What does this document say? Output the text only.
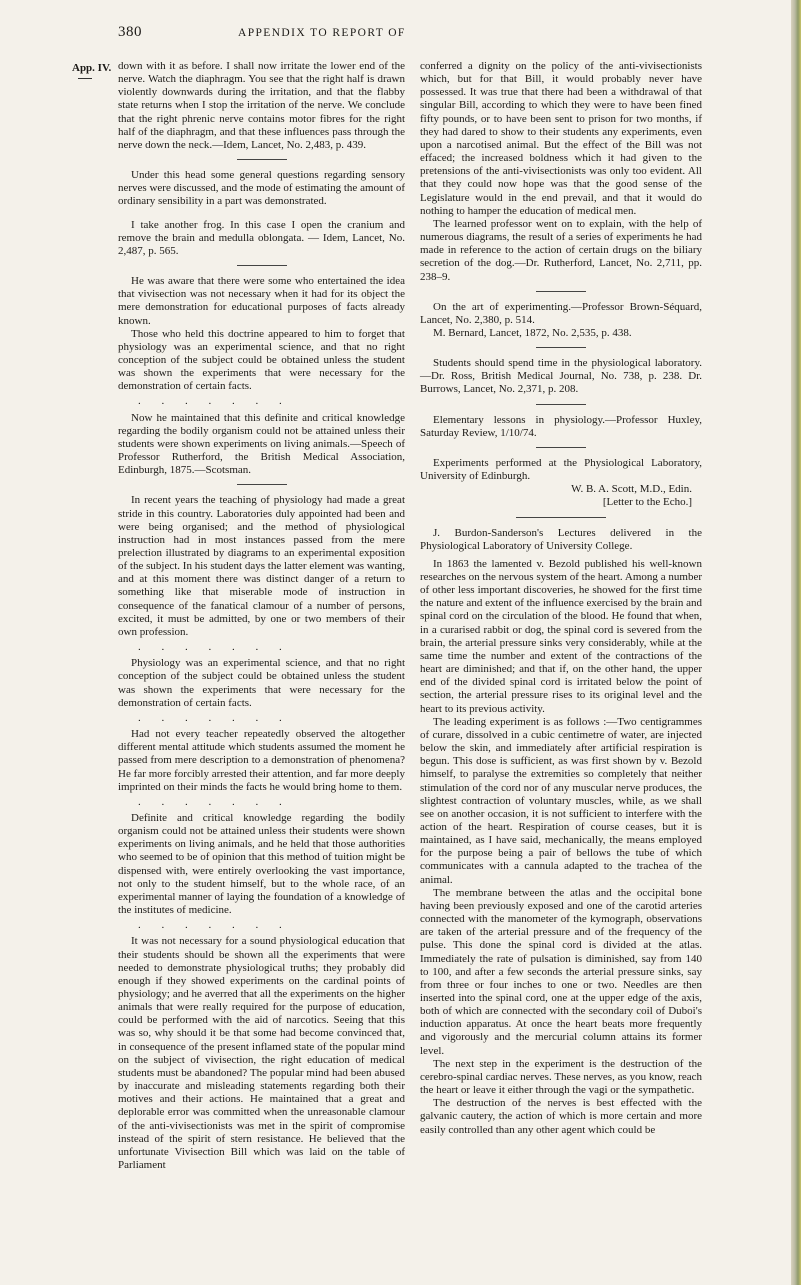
380	APPENDIX TO REPORT OF
App. IV. down with it as before. I shall now irritate the lower end of the nerve. Watch the diaphragm. You see that the right half is drawn violently downwards during the irritation, and that the flabby state returns when I stop the irritation of the nerve. We conclude that the right phrenic nerve contains motor fibres for the right half of the diaphragm, and that these influences pass through the nerve down the neck.—Idem, Lancet, No. 2,483, p. 439.

Under this head some general questions regarding sensory nerves were discussed, and the mode of estimating the amount of ordinary sensibility in a part was demonstrated.

I take another frog. In this case I open the cranium and remove the brain and medulla oblongata. — Idem, Lancet, No. 2,487, p. 565.

He was aware that there were some who entertained the idea that vivisection was not necessary when it had for its object the mere demonstration for educational purposes of facts already known.

Those who held this doctrine appeared to him to forget that physiology was an experimental science, and that no right conception of the subject could be obtained unless the student was shown the experiments that were necessary for the demonstration of certain facts.

. . . . . . .

Now he maintained that this definite and critical knowledge regarding the bodily organism could not be attained unless their students were shown experiments on living animals.—Speech of Professor Rutherford, the British Medical Association, Edinburgh, 1875.—Scotsman.

In recent years the teaching of physiology had made a great stride in this country. Laboratories duly appointed had been and were being organised; and the method of physiological instruction had in most instances passed from the mere prelection illustrated by diagrams to an experimental exposition of the subject. In his student days the latter element was wanting, and at this moment there was distinct danger of a return to something like that miserable mode of instruction in consequence of the fanatical clamour of a number of persons, excited, it must be admitted, by one or two members of their own profession.

. . . . . . .

Physiology was an experimental science, and that no right conception of the subject could be obtained unless the student was shown the experiments that were necessary for the demonstration of certain facts.

. . . . . . .

Had not every teacher repeatedly observed the altogether different mental attitude which students assumed the moment he passed from mere description to a demonstration of phenomena? He far more forcibly arrested their attention, and far more deeply imprinted on their minds the facts he would bring home to them.

. . . . . . .

Definite and critical knowledge regarding the bodily organism could not be attained unless their students were shown experiments on living animals, and he held that those authorities who seemed to be of opinion that this method of tuition might be dispensed with, were entirely overlooking the vast importance, not only to the student himself, but to the whole race, of an experimental manner of laying the foundation of a knowledge of the institutes of medicine.

. . . . . . .

It was not necessary for a sound physiological education that their students should be shown all the experiments that were needed to demonstrate physiological truths; they probably did enough if they showed experiments on the cardinal points of physiology; and he averred that all the experiments on the higher animals that were really required for the purpose of education, could be performed with the aid of narcotics. Seeing that this was so, why should it be that some had become convinced that, in consequence of the present inflamed state of the popular mind on the subject of vivisection, the right education of medical students must be abandoned? The popular mind had been abused by inaccurate and misleading statements regarding both their motives and their actions. He maintained that a great and deplorable error was committed when the unreasonable clamour of the anti-vivisectionists was met in the spirit of compromise instead of the spirit of stern resistance. He believed that the unfortunate Vivisection Bill which was laid on the table of Parliament

conferred a dignity on the policy of the anti-vivisectionists which, but for that Bill, it would probably never have possessed. It was true that there had been a withdrawal of that singular Bill, according to which they were to have been fined fifty pounds, or to have been sent to prison for two months, if they had dared to show to their students any experiments, even upon a narcotised animal. But the effect of the Bill was not effaced; the increased boldness which it had given to the pretensions of the anti-vivisectionists was only too evident. All that they could now hope was that the good sense of the Legislature would in the end prevail, and that it would do nothing to hamper the education of medical men.

The learned professor went on to explain, with the help of numerous diagrams, the result of a series of experiments he had made in reference to the action of certain drugs on the biliary secretion of the dog.—Dr. Rutherford, Lancet, No. 2,711, pp. 238–9.

On the art of experimenting.—Professor Brown-Séquard, Lancet, No. 2,380, p. 514.

M. Bernard, Lancet, 1872, No. 2,535, p. 438.

Students should spend time in the physiological laboratory.—Dr. Ross, British Medical Journal, No. 738, p. 238. Dr. Burrows, Lancet, No. 2,371, p. 208.

Elementary lessons in physiology.—Professor Huxley, Saturday Review, 1/10/74.

Experiments performed at the Physiological Laboratory, University of Edinburgh.

W. B. A. Scott, M.D., Edin.

[Letter to the Echo.]

J. Burdon-Sanderson's Lectures delivered in the Physiological Laboratory of University College.

In 1863 the lamented v. Bezold published his well-known researches on the nervous system of the heart. Among a number of other less important discoveries, he showed for the first time the nature and extent of the influence exercised by the brain and spinal cord on the circulation of the blood. He found that when, in a curarised rabbit or dog, the spinal cord is severed from the brain, the arterial pressure sinks very considerably, while at the same time the number and extent of the contractions of the heart are diminished; and that if, on the other hand, the upper end of the divided spinal cord is irritated below the point of section, the arterial pressure rises to its original level and the heart to its previous activity.

The leading experiment is as follows :—Two centigrammes of curare, dissolved in a cubic centimetre of water, are injected below the skin, and immediately after artificial respiration is begun. This dose is sufficient, as was first shown by v. Bezold himself, to paralyse the extremities so completely that neither stimulation of the cord nor of any muscular nerve produces, the slightest contraction of voluntary muscles, while, as we shall see on another occasion, it is not sufficient to interfere with the action of the heart. Respiration of course ceases, but it is maintained, as I have said, mechanically, the means employed for the purpose being a pair of bellows the tube of which communicates with a cannula adapted to the trachea of the animal.

The membrane between the atlas and the occipital bone having been previously exposed and one of the carotid arteries connected with the manometer of the kymograph, observations are taken of the arterial pressure and of the frequency of the pulse. This done the spinal cord is divided at the atlas. Immediately the rate of pulsation is diminished, say from 140 to 100, and after a few seconds the arterial pressure sinks, say from three or four inches to one or two. Needles are then inserted into the spinal cord, one at the upper edge of the axis, both of which are connected with the secondary coil of Duboi's induction apparatus. At once the heart beats more frequently and vigorously and the mercurial column attains its former level.

The next step in the experiment is the destruction of the cerebro-spinal cardiac nerves. These nerves, as you know, reach the heart or leave it either through the vagi or the sympathetic.

The destruction of the nerves is best effected with the galvanic cautery, the action of which is more certain and more easily controlled than any other agent which could be
